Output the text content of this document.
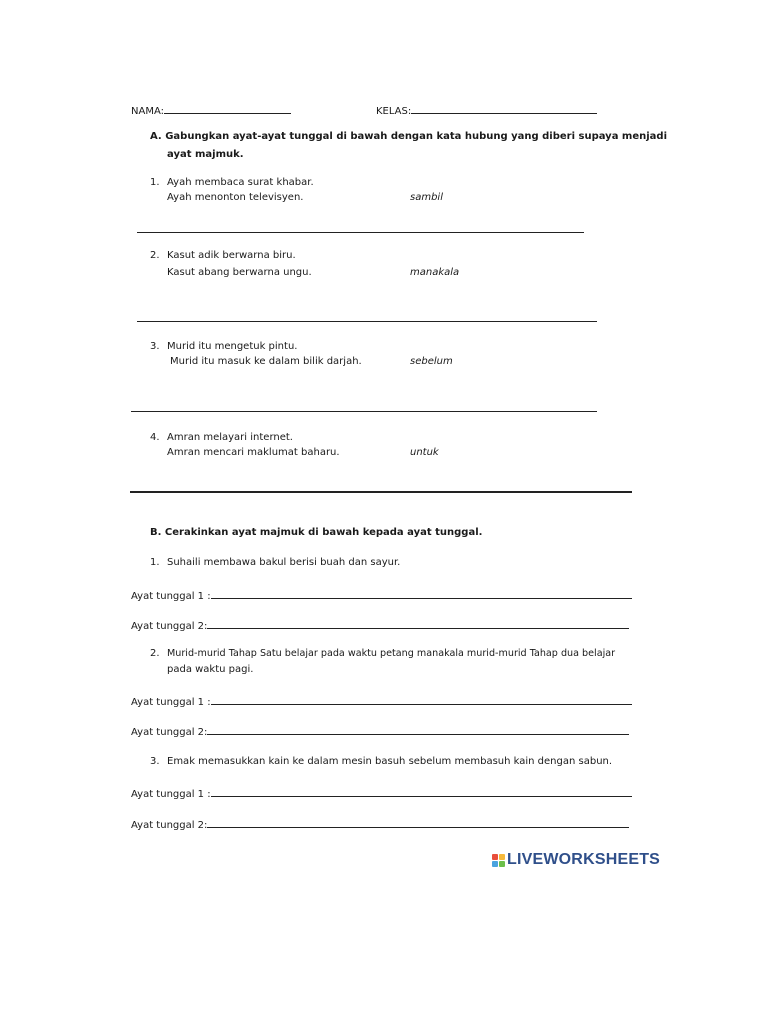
NAMA:	KELAS:
A. Gabungkan ayat-ayat tunggal di bawah dengan kata hubung yang diberi supaya menjadi
ayat majmuk.
1. Ayah membaca surat khabar.
Ayah menonton televisyen.	sambil
2. Kasut adik berwarna biru.
Kasut abang berwarna ungu.	manakala
3. Murid itu mengetuk pintu.
Murid itu masuk ke dalam bilik darjah.	sebelum
4. Amran melayari internet.
Amran mencari maklumat baharu.	untuk
B. Cerakinkan ayat majmuk di bawah kepada ayat tunggal.
1. Suhaili membawa bakul berisi buah dan sayur.
Ayat tunggal 1 :
Ayat tunggal 2:
2. Murid-murid Tahap Satu belajar pada waktu petang manakala murid-murid Tahap dua belajar
pada waktu pagi.
Ayat tunggal 1 :
Ayat tunggal 2:
3. Emak memasukkan kain ke dalam mesin basuh sebelum membasuh kain dengan sabun.
Ayat tunggal 1 :
Ayat tunggal 2:
LIVEWORKSHEETS
